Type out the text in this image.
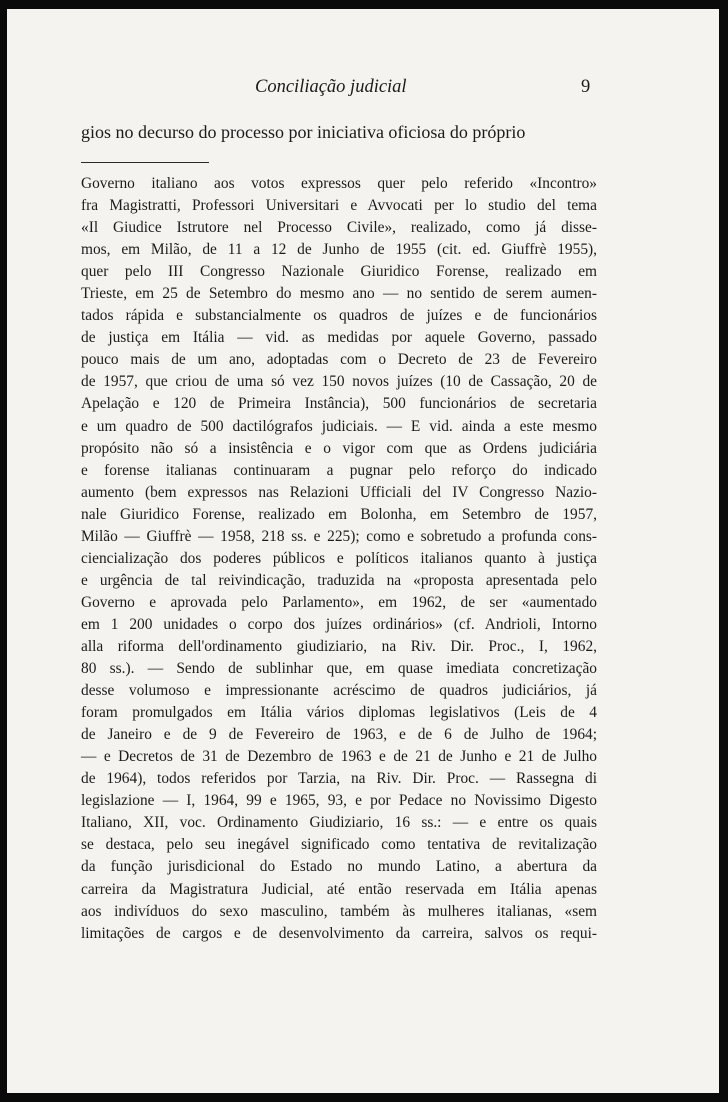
Conciliação judicial	9
gios no decurso do processo por iniciativa oficiosa do próprio
Governo italiano aos votos expressos quer pelo referido «Incontro»
fra Magistratti, Professori Universitari e Avvocati per lo studio del tema
«Il Giudice Istrutore nel Processo Civile», realizado, como já disse-
mos, em Milão, de 11 a 12 de Junho de 1955 (cit. ed. Giuffrè 1955),
quer pelo III Congresso Nazionale Giuridico Forense, realizado em
Trieste, em 25 de Setembro do mesmo ano — no sentido de serem aumen-
tados rápida e substancialmente os quadros de juízes e de funcionários
de justiça em Itália — vid. as medidas por aquele Governo, passado
pouco mais de um ano, adoptadas com o Decreto de 23 de Fevereiro
de 1957, que criou de uma só vez 150 novos juízes (10 de Cassação, 20 de
Apelação e 120 de Primeira Instância), 500 funcionários de secretaria
e um quadro de 500 dactilógrafos judiciais. — E vid. ainda a este mesmo
propósito não só a insistência e o vigor com que as Ordens judiciária
e forense italianas continuaram a pugnar pelo reforço do indicado
aumento (bem expressos nas Relazioni Ufficiali del IV Congresso Nazio-
nale Giuridico Forense, realizado em Bolonha, em Setembro de 1957,
Milão — Giuffrè — 1958, 218 ss. e 225); como e sobretudo a profunda cons-
ciencialização dos poderes públicos e políticos italianos quanto à justiça
e urgência de tal reivindicação, traduzida na «proposta apresentada pelo
Governo e aprovada pelo Parlamento», em 1962, de ser «aumentado
em 1 200 unidades o corpo dos juízes ordinários» (cf. Andrioli, Intorno
alla riforma dell'ordinamento giudiziario, na Riv. Dir. Proc., I, 1962,
80 ss.). — Sendo de sublinhar que, em quase imediata concretização
desse volumoso e impressionante acréscimo de quadros judiciários, já
foram promulgados em Itália vários diplomas legislativos (Leis de 4
de Janeiro e de 9 de Fevereiro de 1963, e de 6 de Julho de 1964;
— e Decretos de 31 de Dezembro de 1963 e de 21 de Junho e 21 de Julho
de 1964), todos referidos por Tarzia, na Riv. Dir. Proc. — Rassegna di
legislazione — I, 1964, 99 e 1965, 93, e por Pedace no Novissimo Digesto
Italiano, XII, voc. Ordinamento Giudiziario, 16 ss.: — e entre os quais
se destaca, pelo seu inegável significado como tentativa de revitalização
da função jurisdicional do Estado no mundo Latino, a abertura da
carreira da Magistratura Judicial, até então reservada em Itália apenas
aos indivíduos do sexo masculino, também às mulheres italianas, «sem
limitações de cargos e de desenvolvimento da carreira, salvos os requi-
